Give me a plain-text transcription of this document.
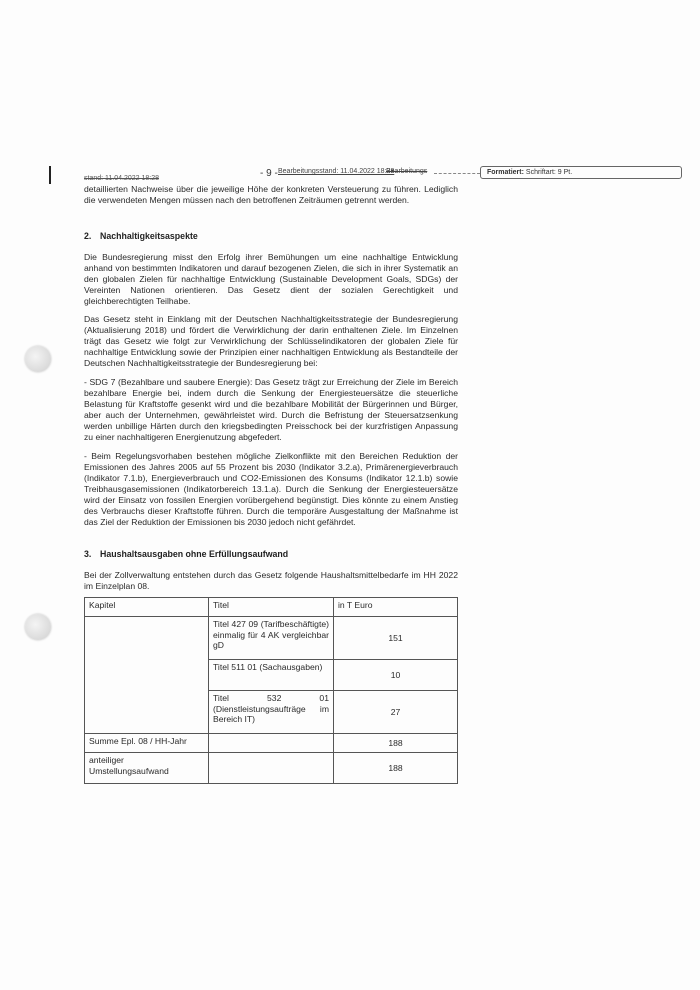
stand: 11.04.2022 18:28	- 9 - Bearbeitungsstand: 11.04.2022 18:28
Bearbeitungs	Formatiert: Schriftart: 9 Pt.

detaillierten Nachweise über die jeweilige Höhe der konkreten Versteuerung zu führen. Lediglich die verwendeten Mengen müssen nach den betroffenen Zeiträumen getrennt werden.

2. Nachhaltigkeitsaspekte

Die Bundesregierung misst den Erfolg ihrer Bemühungen um eine nachhaltige Entwicklung anhand von bestimmten Indikatoren und darauf bezogenen Zielen, die sich in ihrer Systematik an den globalen Zielen für nachhaltige Entwicklung (Sustainable Development Goals, SDGs) der Vereinten Nationen orientieren. Das Gesetz dient der sozialen Gerechtigkeit und gleichberechtigten Teilhabe.

Das Gesetz steht in Einklang mit der Deutschen Nachhaltigkeitsstrategie der Bundesregierung (Aktualisierung 2018) und fördert die Verwirklichung der darin enthaltenen Ziele. Im Einzelnen trägt das Gesetz wie folgt zur Verwirklichung der Schlüsselindikatoren der globalen Ziele für nachhaltige Entwicklung sowie der Prinzipien einer nachhaltigen Entwicklung als Bestandteile der Deutschen Nachhaltigkeitsstrategie der Bundesregierung bei:

- SDG 7 (Bezahlbare und saubere Energie): Das Gesetz trägt zur Erreichung der Ziele im Bereich bezahlbare Energie bei, indem durch die Senkung der Energiesteuersätze die steuerliche Belastung für Kraftstoffe gesenkt wird und die bezahlbare Mobilität der Bürgerinnen und Bürger, aber auch der Unternehmen, gewährleistet wird. Durch die Befristung der Steuersatzsenkung werden unbillige Härten durch den kriegsbedingten Preisschock bei der kurzfristigen Anpassung zu einer nachhaltigeren Energienutzung abgefedert.

- Beim Regelungsvorhaben bestehen mögliche Zielkonflikte mit den Bereichen Reduktion der Emissionen des Jahres 2005 auf 55 Prozent bis 2030 (Indikator 3.2.a), Primärenergieverbrauch (Indikator 7.1.b), Energieverbrauch und CO2-Emissionen des Konsums (Indikator 12.1.b) sowie Treibhausgasemissionen (Indikatorbereich 13.1.a). Durch die Senkung der Energiesteuersätze wird der Einsatz von fossilen Energien vorübergehend begünstigt. Dies könnte zu einem Anstieg des Verbrauchs dieser Kraftstoffe führen. Durch die temporäre Ausgestaltung der Maßnahme ist das Ziel der Reduktion der Emissionen bis 2030 jedoch nicht gefährdet.

3. Haushaltsausgaben ohne Erfüllungsaufwand

Bei der Zollverwaltung entstehen durch das Gesetz folgende Haushaltsmittelbedarfe im HH 2022 im Einzelplan 08.

Kapitel	Titel	in T Euro
	Titel 427 09 (Tarifbeschäftigte) einmalig für 4 AK vergleichbar gD	151
	Titel 511 01 (Sachausgaben)	10
	Titel 532 01 (Dienstleistungsaufträge im Bereich IT)	27
Summe Epl. 08 / HH-Jahr		188
anteiliger Umstellungsaufwand		188
